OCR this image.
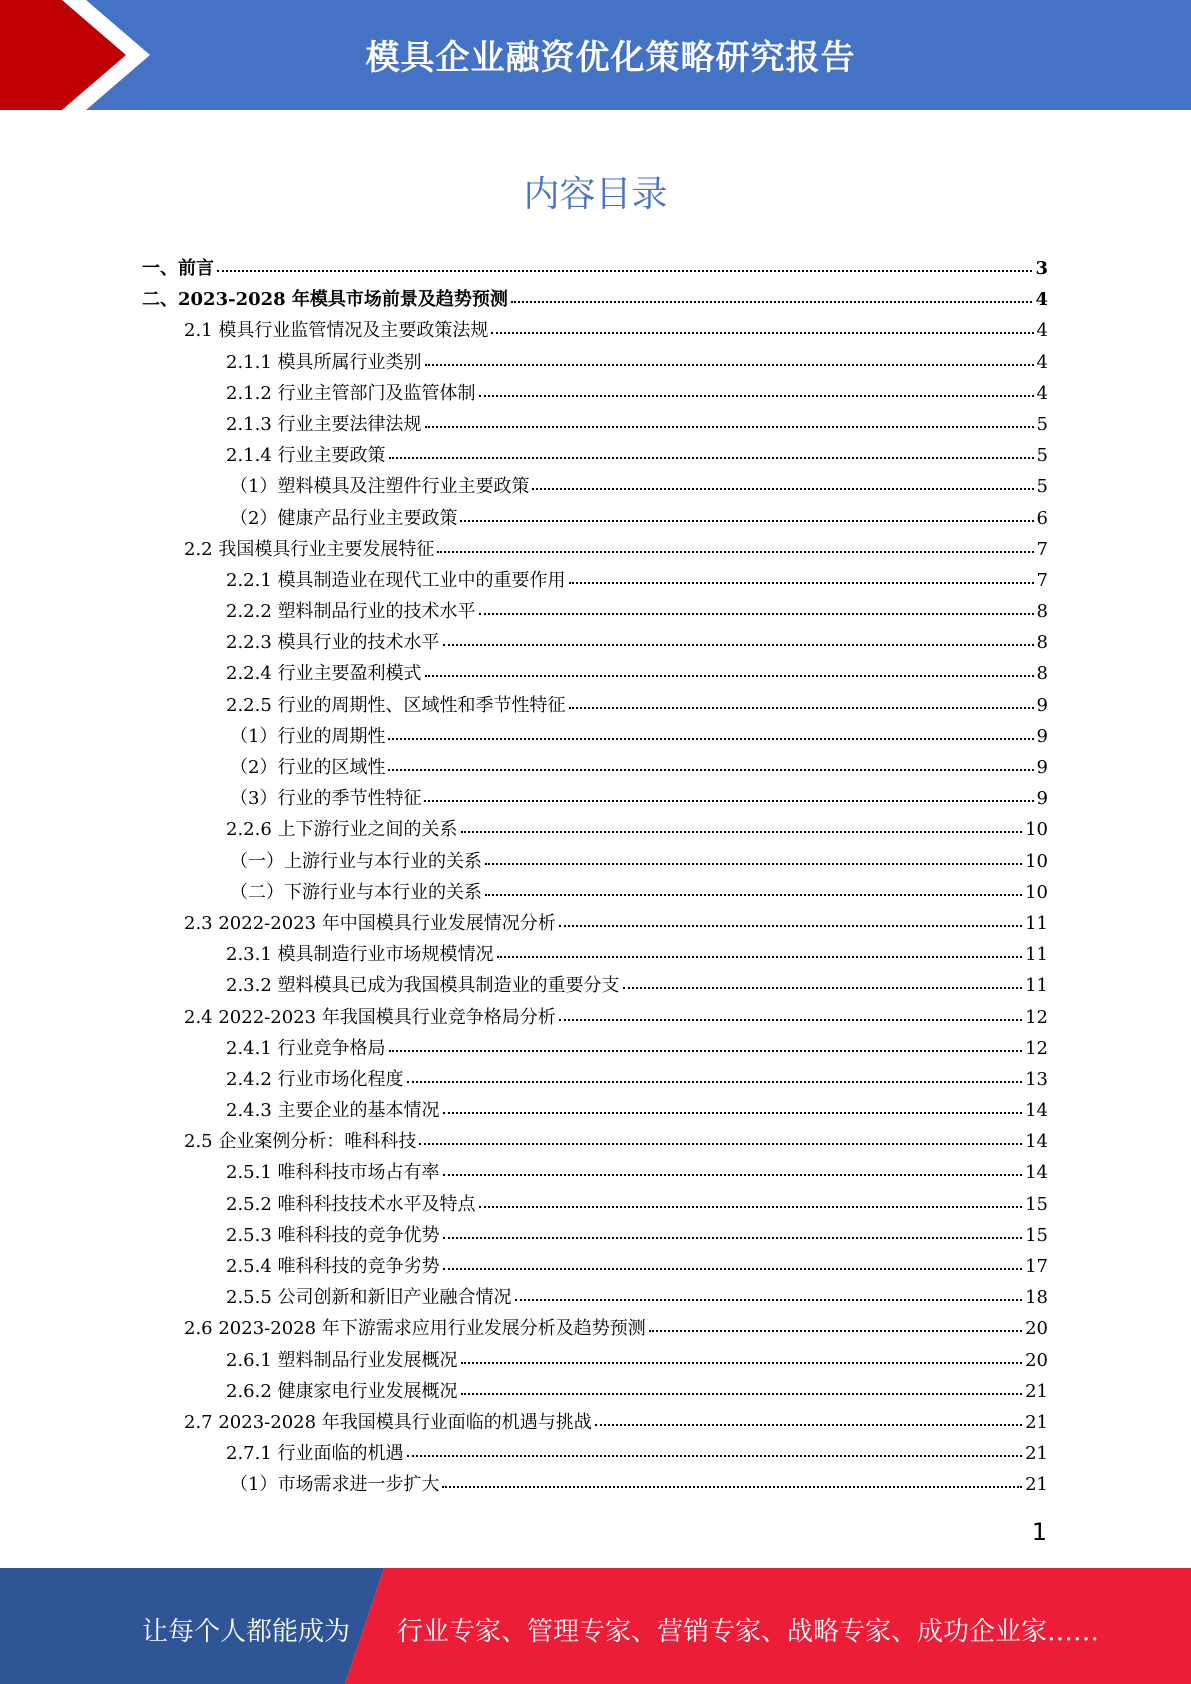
模具企业融资优化策略研究报告
内容目录
一、前言	3
二、2023-2028 年模具市场前景及趋势预测	4
2.1 模具行业监管情况及主要政策法规	4
2.1.1 模具所属行业类别	4
2.1.2 行业主管部门及监管体制	4
2.1.3 行业主要法律法规	5
2.1.4 行业主要政策	5
（1）塑料模具及注塑件行业主要政策	5
（2）健康产品行业主要政策	6
2.2 我国模具行业主要发展特征	7
2.2.1 模具制造业在现代工业中的重要作用	7
2.2.2 塑料制品行业的技术水平	8
2.2.3 模具行业的技术水平	8
2.2.4 行业主要盈利模式	8
2.2.5 行业的周期性、区域性和季节性特征	9
（1）行业的周期性	9
（2）行业的区域性	9
（3）行业的季节性特征	9
2.2.6 上下游行业之间的关系	10
（一）上游行业与本行业的关系	10
（二）下游行业与本行业的关系	10
2.3 2022-2023 年中国模具行业发展情况分析	11
2.3.1 模具制造行业市场规模情况	11
2.3.2 塑料模具已成为我国模具制造业的重要分支	11
2.4 2022-2023 年我国模具行业竞争格局分析	12
2.4.1 行业竞争格局	12
2.4.2 行业市场化程度	13
2.4.3 主要企业的基本情况	14
2.5 企业案例分析：唯科科技	14
2.5.1 唯科科技市场占有率	14
2.5.2 唯科科技技术水平及特点	15
2.5.3 唯科科技的竞争优势	15
2.5.4 唯科科技的竞争劣势	17
2.5.5 公司创新和新旧产业融合情况	18
2.6 2023-2028 年下游需求应用行业发展分析及趋势预测	20
2.6.1 塑料制品行业发展概况	20
2.6.2 健康家电行业发展概况	21
2.7 2023-2028 年我国模具行业面临的机遇与挑战	21
2.7.1 行业面临的机遇	21
（1）市场需求进一步扩大	21
1
让每个人都能成为 行业专家、管理专家、营销专家、战略专家、成功企业家……
